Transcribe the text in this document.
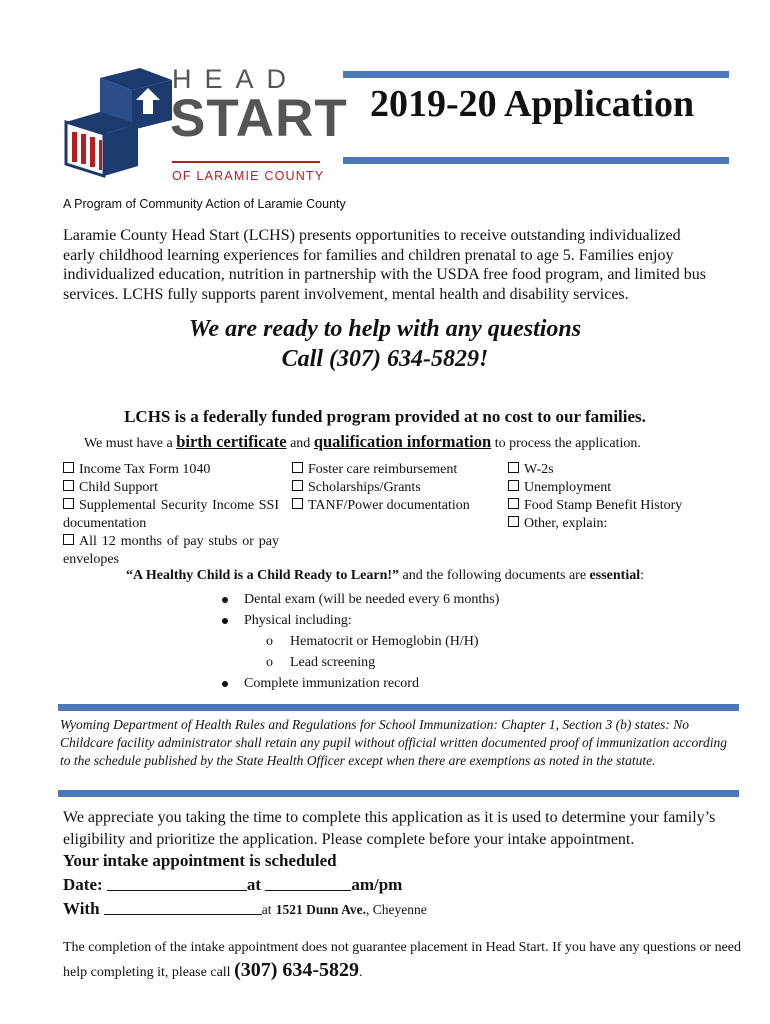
HEAD
START
OF LARAMIE COUNTY
2019-20 Application
A Program of Community Action of Laramie County
Laramie County Head Start (LCHS) presents opportunities to receive outstanding individualized early childhood learning experiences for families and children prenatal to age 5. Families enjoy individualized education, nutrition in partnership with the USDA free food program, and limited bus services. LCHS fully supports parent involvement, mental health and disability services.
We are ready to help with any questions
Call (307) 634-5829!
LCHS is a federally funded program provided at no cost to our families.
We must have a birth certificate and qualification information to process the application.
Income Tax Form 1040
Child Support
Supplemental Security Income SSI documentation
All 12 months of pay stubs or pay envelopes
Foster care reimbursement
Scholarships/Grants
TANF/Power documentation
W-2s
Unemployment
Food Stamp Benefit History
Other, explain:
“A Healthy Child is a Child Ready to Learn!” and the following documents are essential:
Dental exam (will be needed every 6 months)
Physical including:
o Hematocrit or Hemoglobin (H/H)
o Lead screening
Complete immunization record
Wyoming Department of Health Rules and Regulations for School Immunization: Chapter 1, Section 3 (b) states: No Childcare facility administrator shall retain any pupil without official written documented proof of immunization according to the schedule published by the State Health Officer except when there are exemptions as noted in the statute.
We appreciate you taking the time to complete this application as it is used to determine your family’s eligibility and prioritize the application. Please complete before your intake appointment.
Your intake appointment is scheduled
Date:	at	am/pm
With	at 1521 Dunn Ave., Cheyenne
The completion of the intake appointment does not guarantee placement in Head Start. If you have any questions or need help completing it, please call (307) 634-5829.
